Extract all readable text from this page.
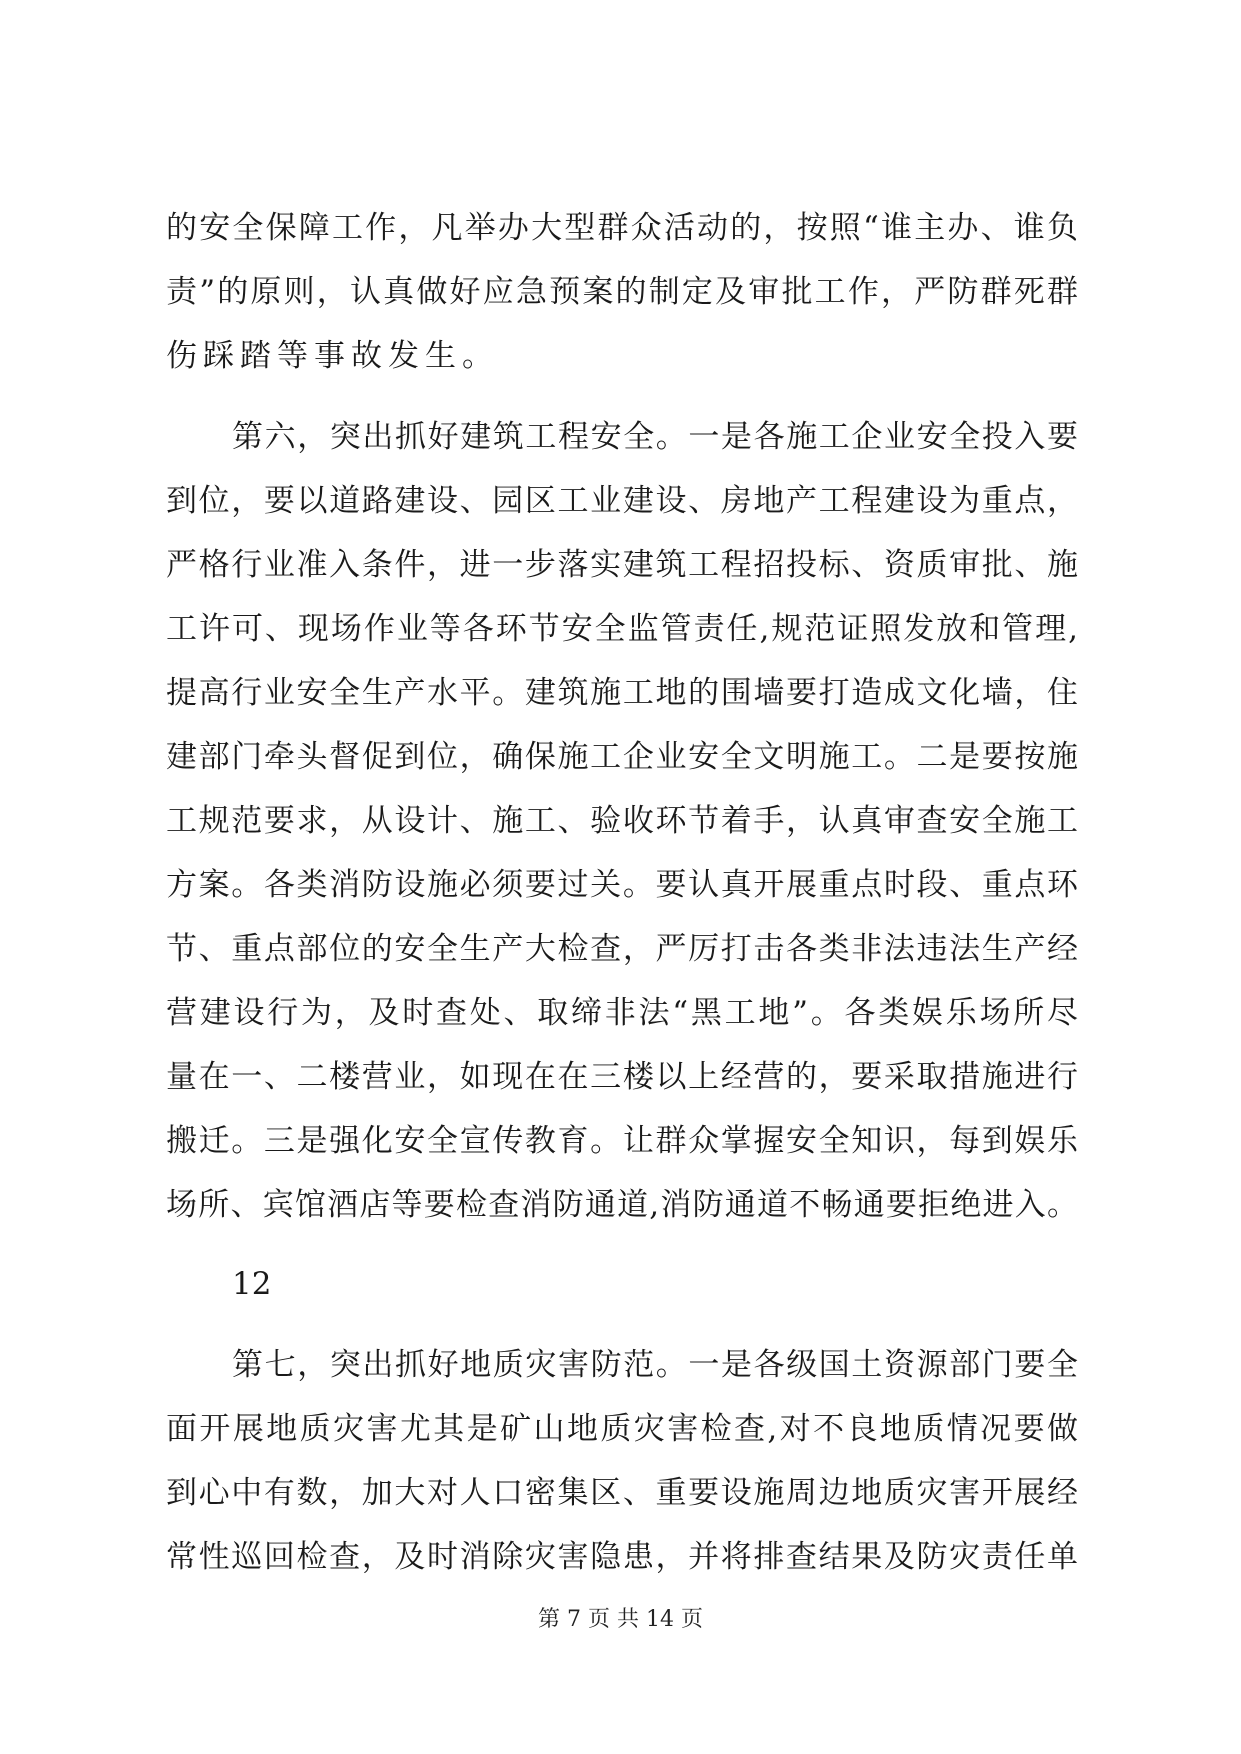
的安全保障工作，凡举办大型群众活动的，按照“谁主办、谁负
责”的原则，认真做好应急预案的制定及审批工作，严防群死群
伤踩踏等事故发生。
第六，突出抓好建筑工程安全。一是各施工企业安全投入要
到位，要以道路建设、园区工业建设、房地产工程建设为重点，
严格行业准入条件，进一步落实建筑工程招投标、资质审批、施
工许可、现场作业等各环节安全监管责任,规范证照发放和管理,
提高行业安全生产水平。建筑施工地的围墙要打造成文化墙，住
建部门牵头督促到位，确保施工企业安全文明施工。二是要按施
工规范要求，从设计、施工、验收环节着手，认真审查安全施工
方案。各类消防设施必须要过关。要认真开展重点时段、重点环
节、重点部位的安全生产大检查，严厉打击各类非法违法生产经
营建设行为，及时查处、取缔非法“黑工地”。各类娱乐场所尽
量在一、二楼营业，如现在在三楼以上经营的，要采取措施进行
搬迁。三是强化安全宣传教育。让群众掌握安全知识，每到娱乐
场所、宾馆酒店等要检查消防通道,消防通道不畅通要拒绝进入。
12
第七，突出抓好地质灾害防范。一是各级国土资源部门要全
面开展地质灾害尤其是矿山地质灾害检查,对不良地质情况要做
到心中有数，加大对人口密集区、重要设施周边地质灾害开展经
常性巡回检查，及时消除灾害隐患，并将排查结果及防灾责任单
第 7 页 共 14 页
